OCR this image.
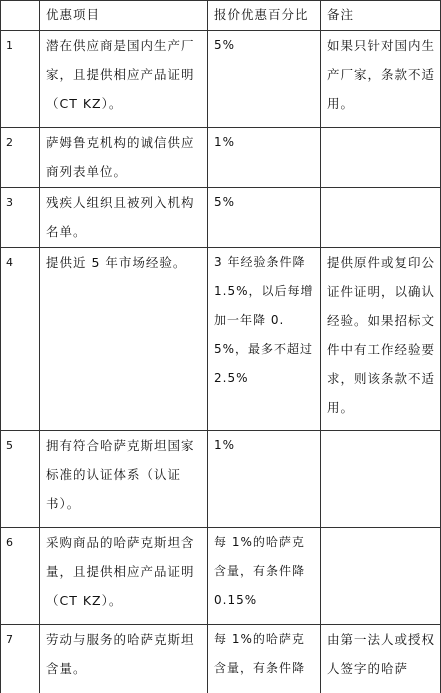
	优惠项目	报价优惠百分比	备注
1	潜在供应商是国内生产厂家，且提供相应产品证明（CT KZ）。	5%	如果只针对国内生产厂家，条款不适用。
2	萨姆鲁克机构的诚信供应商列表单位。	1%	
3	残疾人组织且被列入机构名单。	5%	
4	提供近 5 年市场经验。	3 年经验条件降 1.5%，以后每增加一年降 0.5%，最多不超过 2.5%	提供原件或复印公证件证明，以确认经验。如果招标文件中有工作经验要求，则该条款不适用。
5	拥有符合哈萨克斯坦国家标准的认证体系（认证书）。	1%	
6	采购商品的哈萨克斯坦含量，且提供相应产品证明（CT KZ）。	每 1%的哈萨克含量，有条件降 0.15%	
7	劳动与服务的哈萨克斯坦含量。	每 1%的哈萨克含量，有条件降	由第一法人或授权人签字的哈萨
